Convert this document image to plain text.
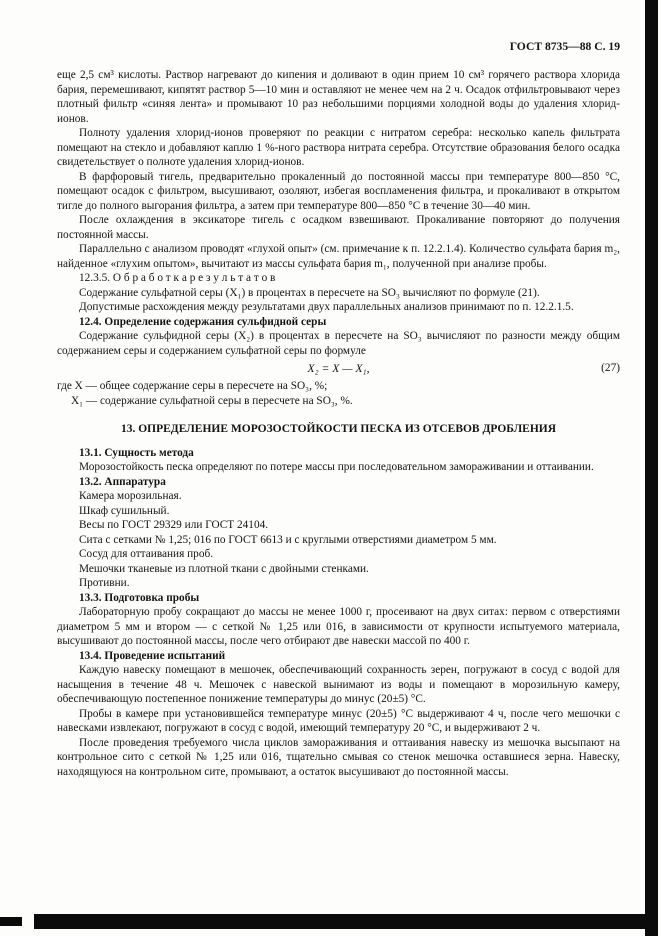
ГОСТ 8735—88 С. 19

еще 2,5 см³ кислоты. Раствор нагревают до кипения и доливают в один прием 10 см³ горячего раствора хлорида бария, перемешивают, кипятят раствор 5—10 мин и оставляют не менее чем на 2 ч. Осадок отфильтровывают через плотный фильтр «синяя лента» и промывают 10 раз небольшими порциями холодной воды до удаления хлорид-ионов.

Полноту удаления хлорид-ионов проверяют по реакции с нитратом серебра: несколько капель фильтрата помещают на стекло и добавляют каплю 1 %-ного раствора нитрата серебра. Отсутствие образования белого осадка свидетельствует о полноте удаления хлорид-ионов.

В фарфоровый тигель, предварительно прокаленный до постоянной массы при температуре 800—850 °С, помещают осадок с фильтром, высушивают, озоляют, избегая воспламенения фильтра, и прокаливают в открытом тигле до полного выгорания фильтра, а затем при температуре 800—850 °С в течение 30—40 мин.

После охлаждения в эксикаторе тигель с осадком взвешивают. Прокаливание повторяют до получения постоянной массы.

Параллельно с анализом проводят «глухой опыт» (см. примечание к п. 12.2.1.4). Количество сульфата бария m₂, найденное «глухим опытом», вычитают из массы сульфата бария m₁, полученной при анализе пробы.

12.3.5. О б р а б о т к а р е з у л ь т а т о в

Содержание сульфатной серы (X₁) в процентах в пересчете на SO₃ вычисляют по формуле (21).

Допустимые расхождения между результатами двух параллельных анализов принимают по п. 12.2.1.5.

12.4. Определение содержания сульфидной серы

Содержание сульфидной серы (X₂) в процентах в пересчете на SO₃ вычисляют по разности между общим содержанием серы и содержанием сульфатной серы по формуле

X₂ = X — X₁,	(27)

где X — общее содержание серы в пересчете на SO₃, %;

X₁ — содержание сульфатной серы в пересчете на SO₃, %.

13. ОПРЕДЕЛЕНИЕ МОРОЗОСТОЙКОСТИ ПЕСКА ИЗ ОТСЕВОВ ДРОБЛЕНИЯ

13.1. Сущность метода

Морозостойкость песка определяют по потере массы при последовательном замораживании и оттаивании.

13.2. Аппаратура

Камера морозильная.

Шкаф сушильный.

Весы по ГОСТ 29329 или ГОСТ 24104.

Сита с сетками № 1,25; 016 по ГОСТ 6613 и с круглыми отверстиями диаметром 5 мм.

Сосуд для оттаивания проб.

Мешочки тканевые из плотной ткани с двойными стенками.

Противни.

13.3. Подготовка пробы

Лабораторную пробу сокращают до массы не менее 1000 г, просеивают на двух ситах: первом с отверстиями диаметром 5 мм и втором — с сеткой № 1,25 или 016, в зависимости от крупности испытуемого материала, высушивают до постоянной массы, после чего отбирают две навески массой по 400 г.

13.4. Проведение испытаний

Каждую навеску помещают в мешочек, обеспечивающий сохранность зерен, погружают в сосуд с водой для насыщения в течение 48 ч. Мешочек с навеской вынимают из воды и помещают в морозильную камеру, обеспечивающую постепенное понижение температуры до минус (20±5) °С.

Пробы в камере при установившейся температуре минус (20±5) °С выдерживают 4 ч, после чего мешочки с навесками извлекают, погружают в сосуд с водой, имеющий температуру 20 °С, и выдерживают 2 ч.

После проведения требуемого числа циклов замораживания и оттаивания навеску из мешочка высыпают на контрольное сито с сеткой № 1,25 или 016, тщательно смывая со стенок мешочка оставшиеся зерна. Навеску, находящуюся на контрольном сите, промывают, а остаток высушивают до постоянной массы.
